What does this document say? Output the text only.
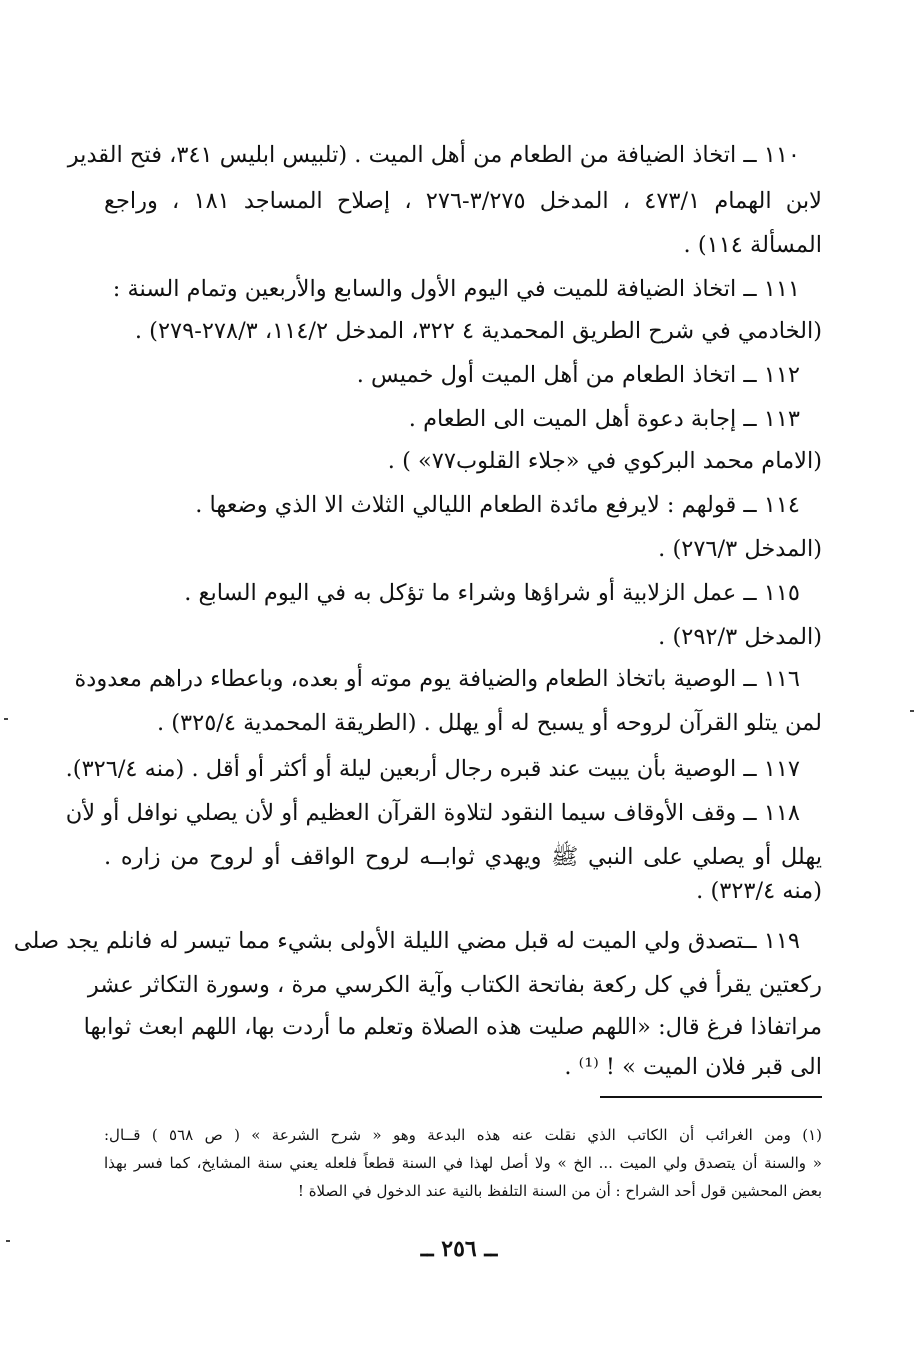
١١٠ ــ اتخاذ الضيافة من الطعام من أهل الميت . (تلبيس ابليس ٣٤١، فتح القدير
لابن الهمام ٤٧٣/١ ، المدخل ٣/٢٧٥-٢٧٦ ، إصلاح المساجد ١٨١ ، وراجع
المسألة ١١٤) .
١١١ ــ اتخاذ الضيافة للميت في اليوم الأول والسابع والأربعين وتمام السنة :
(الخادمي في شرح الطريق المحمدية ٤ ٣٢٢، المدخل ١١٤/٢، ٢٧٨/٣-٢٧٩) .
١١٢ ــ اتخاذ الطعام من أهل الميت أول خميس .
١١٣ ــ إجابة دعوة أهل الميت الى الطعام .
(الامام محمد البركوي في «جلاء القلوب٧٧» ) .
١١٤ ــ قولهم : لايرفع مائدة الطعام الليالي الثلاث الا الذي وضعها .
(المدخل ٢٧٦/٣) .
١١٥ ــ عمل الزلابية أو شراؤها وشراء ما تؤكل به في اليوم السابع .
(المدخل ٢٩٢/٣) .
١١٦ ــ الوصية باتخاذ الطعام والضيافة يوم موته أو بعده، وباعطاء دراهم معدودة
لمن يتلو القرآن لروحه أو يسبح له أو يهلل . (الطريقة المحمدية ٣٢٥/٤) .
١١٧ ــ الوصية بأن يبيت عند قبره رجال أربعين ليلة أو أكثر أو أقل . (منه ٣٢٦/٤).
١١٨ ــ وقف الأوقاف سيما النقود لتلاوة القرآن العظيم أو لأن يصلي نوافل أو لأن
يهلل أو يصلي على النبي ﷺ ويهدي ثوابــه لروح الواقف أو لروح من زاره .
(منه ٣٢٣/٤) .
١١٩ ــتصدق ولي الميت له قبل مضي الليلة الأولى بشيء مما تيسر له فانلم يجد صلى
ركعتين يقرأ في كل ركعة بفاتحة الكتاب وآية الكرسي مرة ، وسورة التكاثر عشر
مراتفاذا فرغ قال: «اللهم صليت هذه الصلاة وتعلم ما أردت بها، اللهم ابعث ثوابها
الى قبر فلان الميت » ! ⁽¹⁾ .
(١) ومن الغرائب أن الكاتب الذي نقلت عنه هذه البدعة وهو « شرح الشرعة » ( ص ٥٦٨ ) قــال:
« والسنة أن يتصدق ولي الميت ... الخ » ولا أصل لهذا في السنة قطعاً فلعله يعني سنة المشايخ، كما فسر بهذا
بعض المحشين قول أحد الشراح : أن من السنة التلفظ بالنية عند الدخول في الصلاة !
ــ ٢٥٦ ــ
